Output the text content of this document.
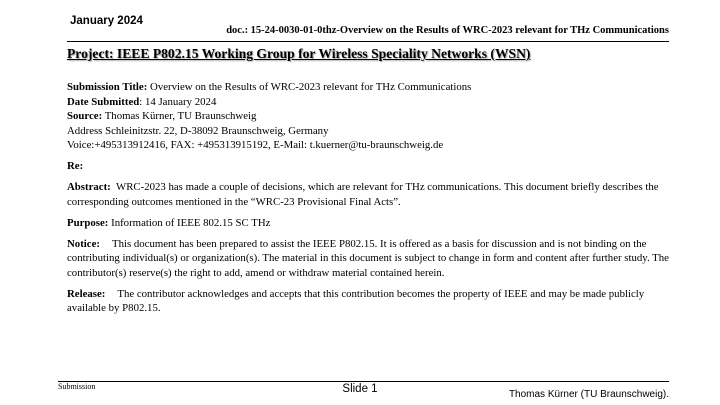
January 2024
doc.: 15-24-0030-01-0thz-Overview on the Results of WRC-2023 relevant for THz Communications
Project: IEEE P802.15 Working Group for Wireless Speciality Networks (WSN)

Submission Title: Overview on the Results of WRC-2023 relevant for THz Communications

Date Submitted: 14 January 2024

Source: Thomas Kürner, TU Braunschweig

Address Schleinitzstr. 22, D-38092 Braunschweig, Germany

Voice:+495313912416, FAX: +495313915192, E-Mail: t.kuerner@tu-braunschweig.de

Re:

Abstract: WRC-2023 has made a couple of decisions, which are relevant for THz communications. This document briefly describes the corresponding outcomes mentioned in the “WRC-23 Provisional Final Acts”.

Purpose: Information of IEEE 802.15 SC THz

Notice: This document has been prepared to assist the IEEE P802.15. It is offered as a basis for discussion and is not binding on the contributing individual(s) or organization(s). The material in this document is subject to change in form and content after further study. The contributor(s) reserve(s) the right to add, amend or withdraw material contained herein.

Release: The contributor acknowledges and accepts that this contribution becomes the property of IEEE and may be made publicly available by P802.15.

Submission	Slide 1	Thomas Kürner (TU Braunschweig).
